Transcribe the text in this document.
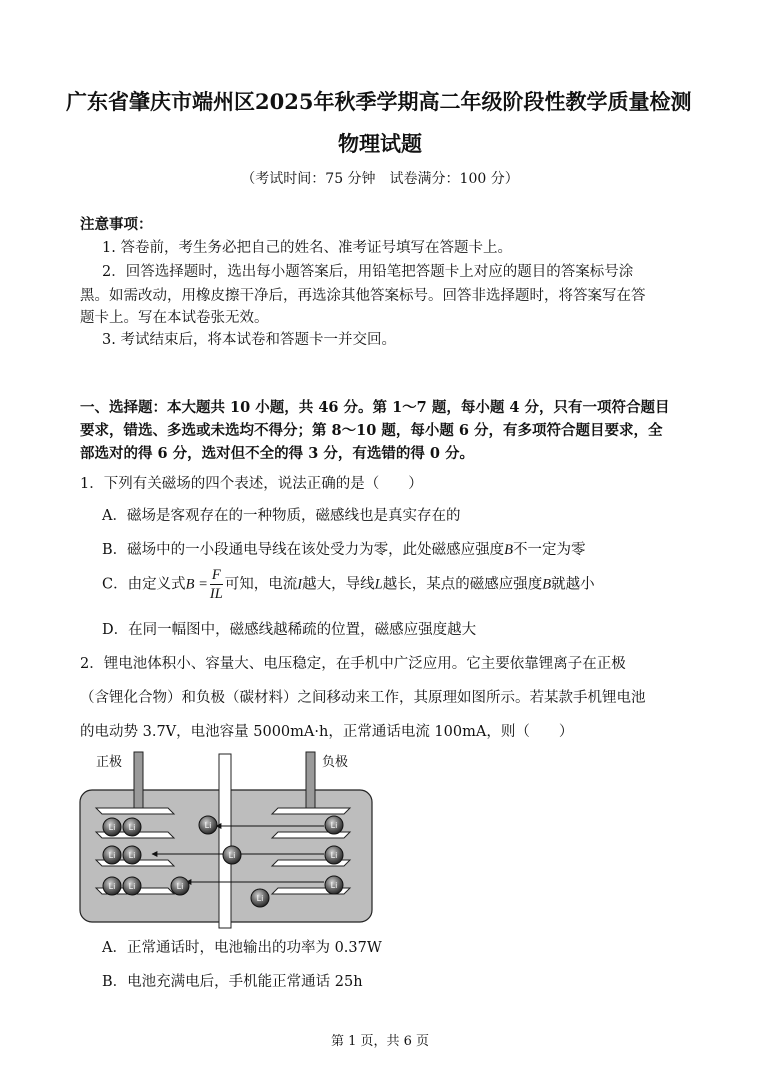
广东省肇庆市端州区2025年秋季学期高二年级阶段性教学质量检测
物理试题
（考试时间：75 分钟　试卷满分：100 分）
注意事项：
1. 答卷前，考生务必把自己的姓名、准考证号填写在答题卡上。
2．回答选择题时，选出每小题答案后，用铅笔把答题卡上对应的题目的答案标号涂
黑。如需改动，用橡皮擦干净后，再选涂其他答案标号。回答非选择题时，将答案写在答
题卡上。写在本试卷张无效。
3. 考试结束后，将本试卷和答题卡一并交回。
一、选择题：本大题共 10 小题，共 46 分。第 1～7 题，每小题 4 分，只有一项符合题目
要求，错选、多选或未选均不得分；第 8～10 题，每小题 6 分，有多项符合题目要求，全
部选对的得 6 分，选对但不全的得 3 分，有选错的得 0 分。
1．下列有关磁场的四个表述，说法正确的是（　　）
A．磁场是客观存在的一种物质，磁感线也是真实存在的
B．磁场中的一小段通电导线在该处受力为零，此处磁感应强度B不一定为零
C．由定义式$B = \frac{F}{IL}$ 可知，电流I越大，导线L越长，某点的磁感应强度B就越小
D．在同一幅图中，磁感线越稀疏的位置，磁感应强度越大
2．锂电池体积小、容量大、电压稳定，在手机中广泛应用。它主要依靠锂离子在正极
（含锂化合物）和负极（碳材料）之间移动来工作，其原理如图所示。若某款手机锂电池
的电动势 3.7V，电池容量 5000mA·h，正常通话电流 100mA，则（　　）
正极	负极
Li Li	Li	Li
Li Li	Li	Li
Li Li	Li	Li
Li
A．正常通话时，电池输出的功率为 0.37W
B．电池充满电后，手机能正常通话 25h
第 1 页，共 6 页
